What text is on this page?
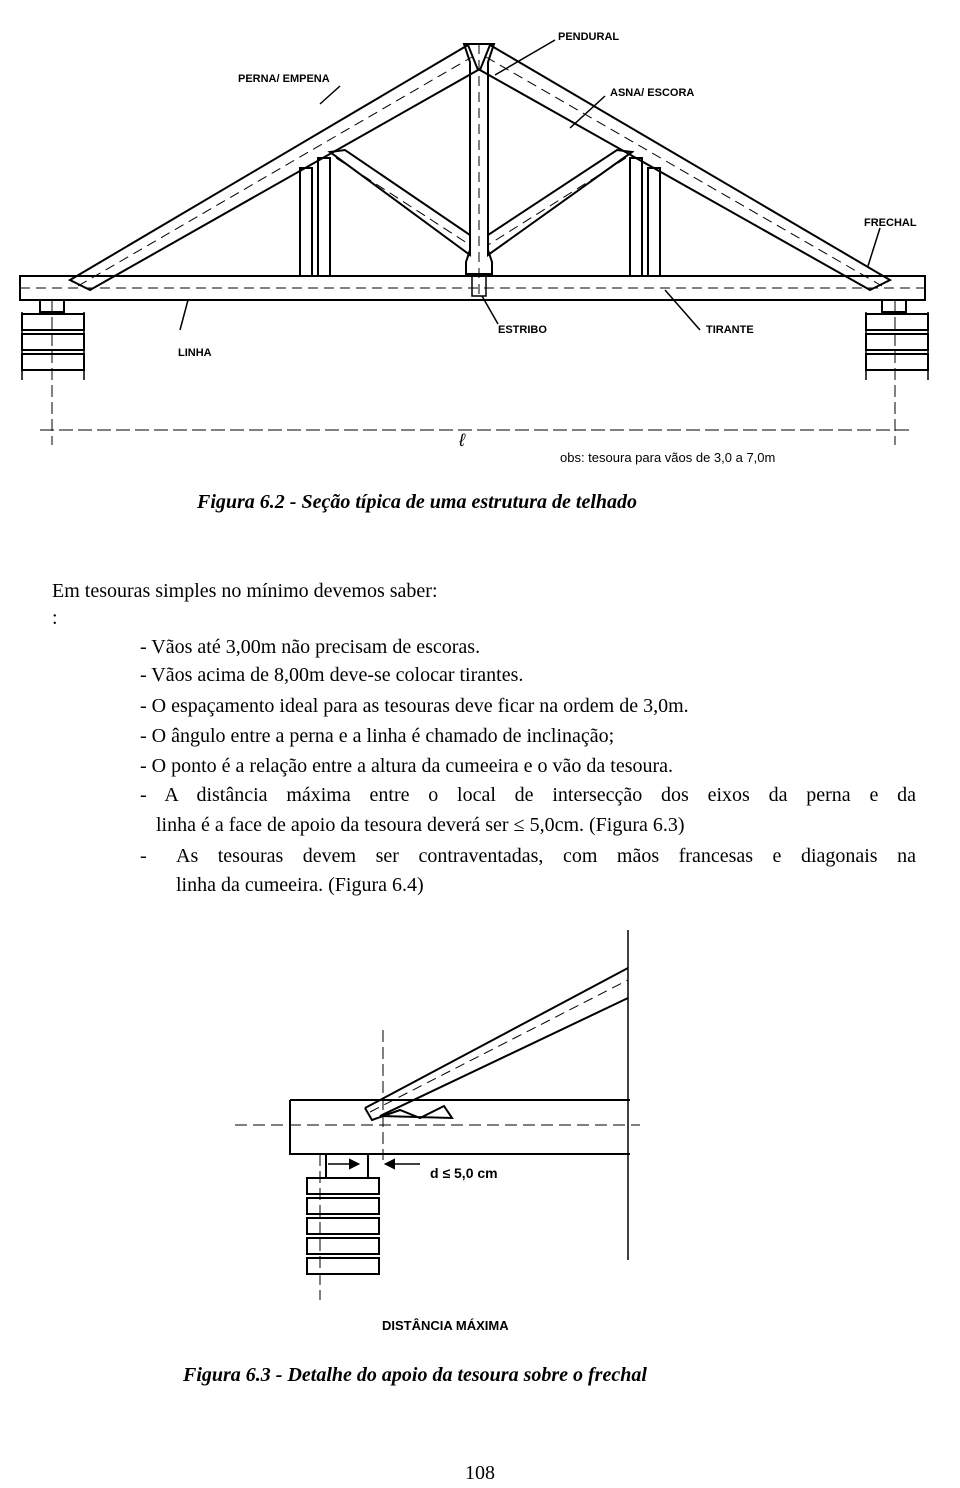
PENDURAL
PERNA/ EMPENA
ASNA/ ESCORA
FRECHAL
LINHA
ESTRIBO	TIRANTE
ℓ
obs: tesoura para vãos de 3,0 a 7,0m
Figura 6.2 - Seção típica de uma estrutura de telhado
Em tesouras simples no mínimo devemos saber:
:
- Vãos até 3,00m não precisam de escoras.
- Vãos acima de 8,00m deve-se colocar tirantes.
- O espaçamento ideal para as tesouras deve ficar na ordem de 3,0m.
- O ângulo entre a perna e a linha é chamado de inclinação;
- O ponto é a relação entre a altura da cumeeira e o vão da tesoura.
- A distância máxima entre o local de intersecção dos eixos da perna e da
linha é a face de apoio da tesoura deverá ser ≤ 5,0cm. (Figura 6.3)
- As tesouras devem ser contraventadas, com mãos francesas e diagonais na
linha da cumeeira. (Figura 6.4)
d ≤ 5,0 cm
DISTÂNCIA MÁXIMA
Figura 6.3 - Detalhe do apoio da tesoura sobre o frechal
108
